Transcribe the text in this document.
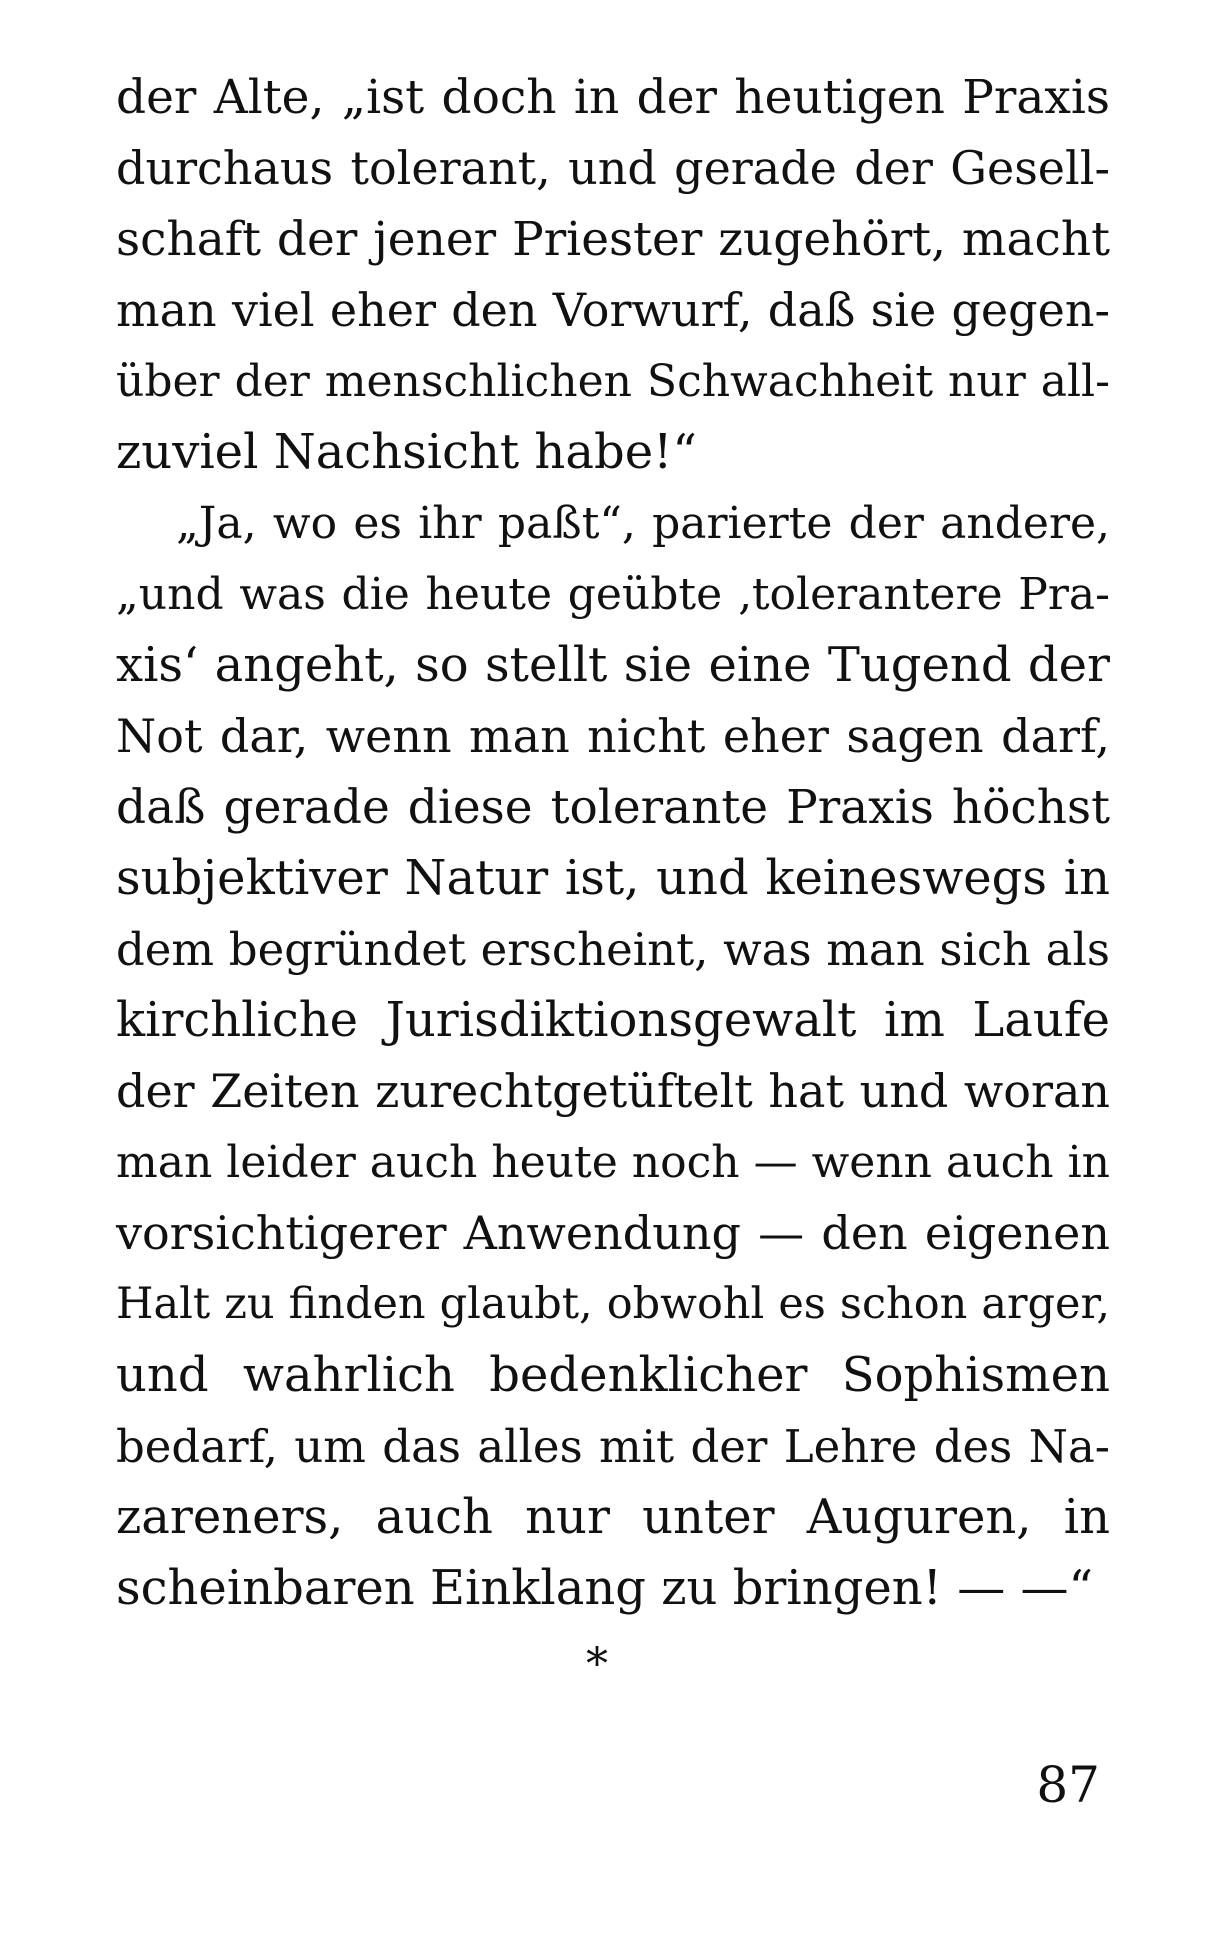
der Alte, „ist doch in der heutigen Praxis
durchaus tolerant, und gerade der Gesell-
schaft der jener Priester zugehört, macht
man viel eher den Vorwurf, daß sie gegen-
über der menschlichen Schwachheit nur all-
zuviel Nachsicht habe!“
„Ja, wo es ihr paßt“, parierte der andere,
„und was die heute geübte ‚tolerantere Pra-
xis‘ angeht, so stellt sie eine Tugend der
Not dar, wenn man nicht eher sagen darf,
daß gerade diese tolerante Praxis höchst
subjektiver Natur ist, und keineswegs in
dem begründet erscheint, was man sich als
kirchliche Jurisdiktionsgewalt im Laufe
der Zeiten zurechtgetüftelt hat und woran
man leider auch heute noch — wenn auch in
vorsichtigerer Anwendung — den eigenen
Halt zu finden glaubt, obwohl es schon arger,
und wahrlich bedenklicher Sophismen
bedarf, um das alles mit der Lehre des Na-
zareners, auch nur unter Auguren, in
scheinbaren Einklang zu bringen! — —“
*
87
